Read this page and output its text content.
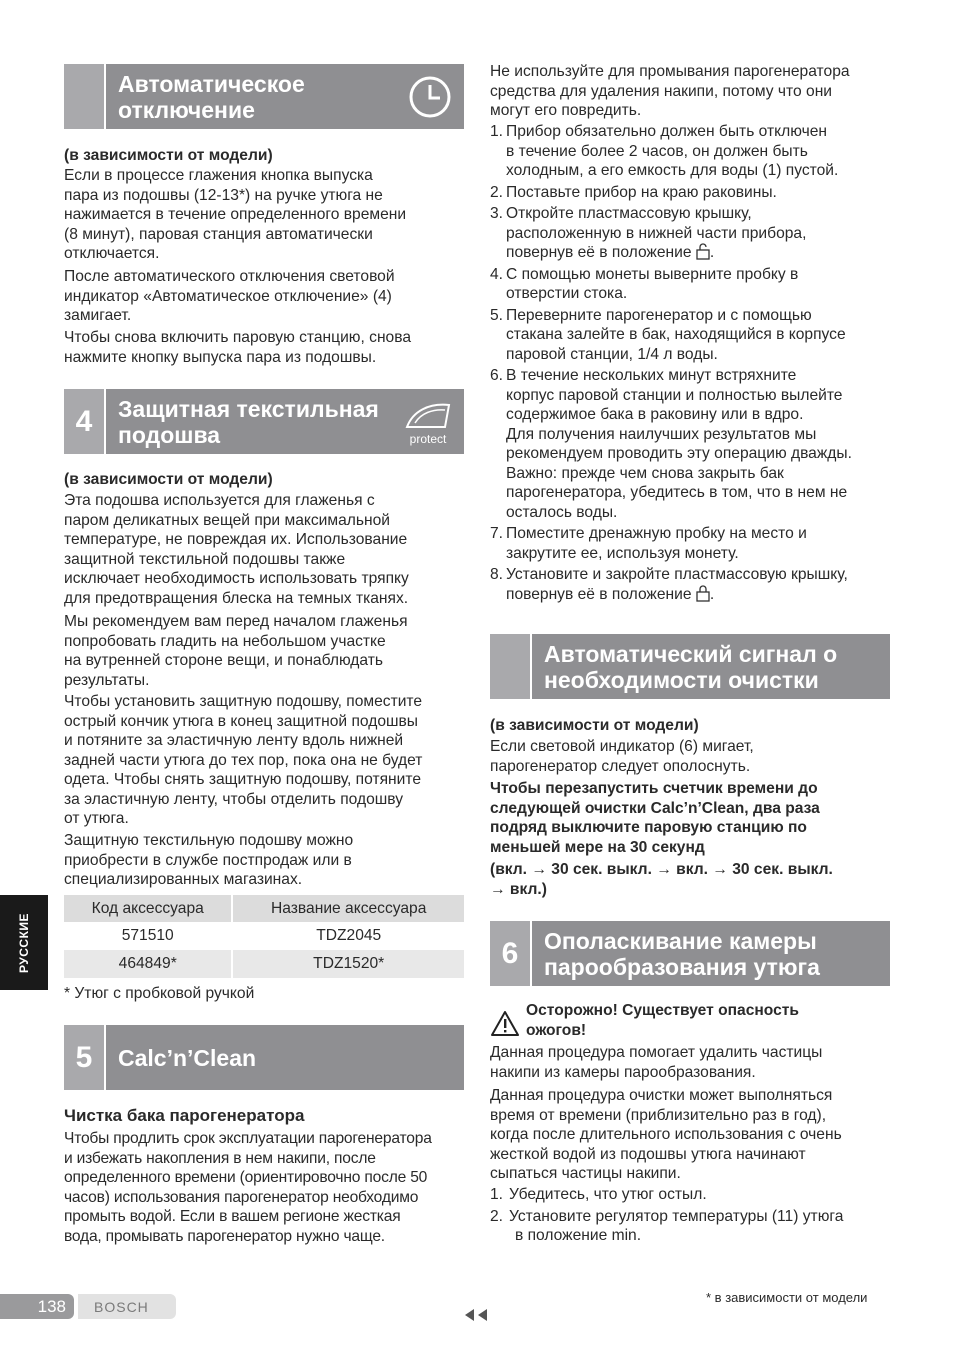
Автоматическое
отключение

(в зависимости от модели)

Если в процессе глажения кнопка выпуска
пара из подошвы (12-13*) на ручке утюга не
нажимается в течение определенного времени
(8 минут), паровая станция автоматически
отключается.
После автоматического отключения световой
индикатор «Автоматическое отключение» (4)
замигает.
Чтобы снова включить паровую станцию, снова
нажмите кнопку выпуска пара из подошвы.
4	Защитная текстильная
подошва	protect

(в зависимости от модели)

Эта подошва используется для глаженья с
паром деликатных вещей при максимальной
температуре, не повреждая их. Использование
защитной текстильной подошвы также
исключает необходимость использовать тряпку
для предотвращения блеска на темных тканях.
Мы рекомендуем вам перед началом глаженья
попробовать гладить на небольшом участке
на вутренней стороне вещи, и понаблюдать
результаты.
Чтобы установить защитную подошву, поместите
острый кончик утюга в конец защитной подошвы
и потяните за эластичную ленту вдоль нижней
задней части утюга до тех пор, пока она не будет
одета. Чтобы снять защитную подошву, потяните
за эластичную ленту, чтобы отделить подошву
от утюга.
Защитную текстильную подошву можно
приобрести в службе постпродаж или в
специализированных магазинах.
Код аксессуара	Название аксессуара
571510	TDZ2045
464849*	TDZ1520*

* Утюг с пробковой ручкой

5	Calc’n’Clean

Чистка бака парогенератора

Чтобы продлить срок эксплуатации парогенератора
и избежать накопления в нем накипи, после
определенного времени (ориентировочно после 50
часов) использования парогенератор необходимо
промыть водой. Если в вашем регионе жесткая
вода, промывать парогенератор нужно чаще.
Не используйте для промывания парогенератора
средства для удаления накипи, потому что они
могут его повредить.
1. Прибор обязательно должен быть отключен
в течение более 2 часов, он должен быть
холодным, а его емкость для воды (1) пустой.
2. Поставьте прибор на краю раковины.
3. Откройте пластмассовую крышку,
расположенную в нижней части прибора,
повернув её в положение .
4. С помощью монеты выверните пробку в
отверстии стока.
5. Переверните парогенератор и с помощью
стакана залейте в бак, находящийся в корпусе
паровой станции, 1/4 л воды.
6. В течение нескольких минут встряхните
корпус паровой станции и полностью вылейте
содержимое бака в раковину или в вдро.
Для получения наилучших результатов мы
рекомендуем проводить эту операцию дважды.
Важно: прежде чем снова закрыть бак
парогенератора, убедитесь в том, что в нем не
осталось воды.
7. Поместите дренажную пробку на место и
закрутите ее, используя монету.
8. Установите и закройте пластмассовую крышку,
повернув её в положение .
Автоматический сигнал о
необходимости очистки

(в зависимости от модели)

Если световой индикатор (6) мигает,
парогенератор следует ополоснуть.
Чтобы перезапустить счетчик времени до
следующей очистки Calc’n’Clean, два раза
подряд выключите паровую станцию по
меньшей мере на 30 секунд
(вкл. → 30 сек. выкл. → вкл. → 30 сек. выкл.
→ вкл.)
6	Ополаскивание камеры
парообразования утюга
Осторожно! Существует опасность
ожогов!
Данная процедура помогает удалить частицы
накипи из камеры парообразования.
Данная процедура очистки может выполняться
время от времени (приблизительно раз в год),
когда после длительного использования с очень
жесткой водой из подошвы утюга начинают
сыпаться частицы накипи.
1. Убедитесь, что утюг остыл.
2. Установите регулятор температуры (11) утюга
в положение min.
РУССКИЕ
138	BOSCH
* в зависимости от модели
